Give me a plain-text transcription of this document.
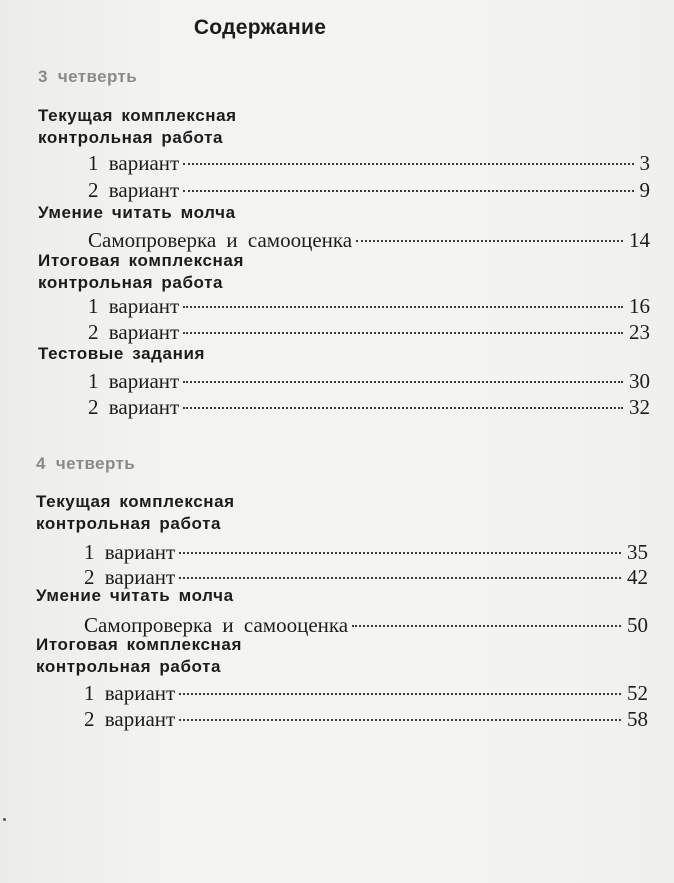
Содержание
3 четверть
Текущая комплексная
контрольная работа
1 вариант	3
2 вариант	9
Умение читать молча
Самопроверка и самооценка	14
Итоговая комплексная
контрольная работа
1 вариант	16
2 вариант	23
Тестовые задания
1 вариант	30
2 вариант	32
4 четверть
Текущая комплексная
контрольная работа
1 вариант	35
2 вариант	42
Умение читать молча
Самопроверка и самооценка	50
Итоговая комплексная
контрольная работа
1 вариант	52
2 вариант	58
